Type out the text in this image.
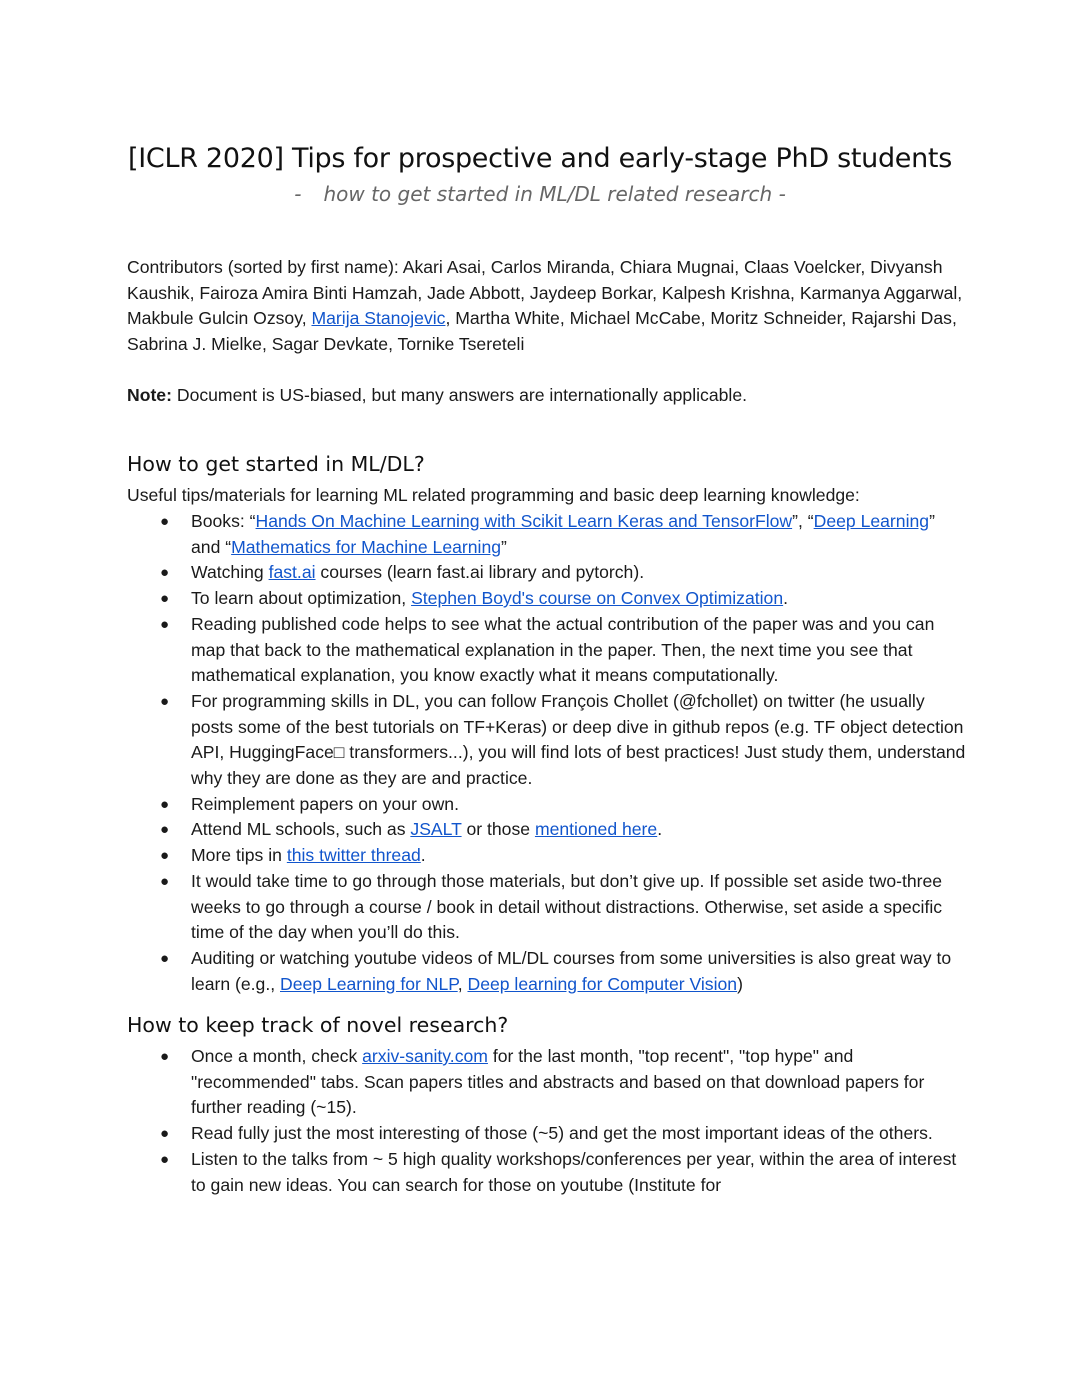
[ICLR 2020] Tips for prospective and early-stage PhD students
- how to get started in ML/DL related research -
Contributors (sorted by first name): Akari Asai, Carlos Miranda, Chiara Mugnai, Claas Voelcker, Divyansh Kaushik, Fairoza Amira Binti Hamzah, Jade Abbott, Jaydeep Borkar, Kalpesh Krishna, Karmanya Aggarwal, Makbule Gulcin Ozsoy, Marija Stanojevic, Martha White, Michael McCabe, Moritz Schneider, Rajarshi Das, Sabrina J. Mielke, Sagar Devkate, Tornike Tsereteli
Note: Document is US-biased, but many answers are internationally applicable.
How to get started in ML/DL?
Useful tips/materials for learning ML related programming and basic deep learning knowledge:
● Books: “Hands On Machine Learning with Scikit Learn Keras and TensorFlow”, “Deep Learning” and “Mathematics for Machine Learning”
● Watching fast.ai courses (learn fast.ai library and pytorch).
● To learn about optimization, Stephen Boyd's course on Convex Optimization.
● Reading published code helps to see what the actual contribution of the paper was and you can map that back to the mathematical explanation in the paper. Then, the next time you see that mathematical explanation, you know exactly what it means computationally.
● For programming skills in DL, you can follow François Chollet (@fchollet) on twitter (he usually posts some of the best tutorials on TF+Keras) or deep dive in github repos (e.g. TF object detection API, HuggingFace□ transformers...), you will find lots of best practices! Just study them, understand why they are done as they are and practice.
● Reimplement papers on your own.
● Attend ML schools, such as JSALT or those mentioned here.
● More tips in this twitter thread.
● It would take time to go through those materials, but don’t give up. If possible set aside two-three weeks to go through a course / book in detail without distractions. Otherwise, set aside a specific time of the day when you’ll do this.
● Auditing or watching youtube videos of ML/DL courses from some universities is also great way to learn (e.g., Deep Learning for NLP, Deep learning for Computer Vision)
How to keep track of novel research?
● Once a month, check arxiv-sanity.com for the last month, "top recent", "top hype" and "recommended" tabs. Scan papers titles and abstracts and based on that download papers for further reading (~15).
● Read fully just the most interesting of those (~5) and get the most important ideas of the others.
● Listen to the talks from ~ 5 high quality workshops/conferences per year, within the area of interest to gain new ideas. You can search for those on youtube (Institute for
